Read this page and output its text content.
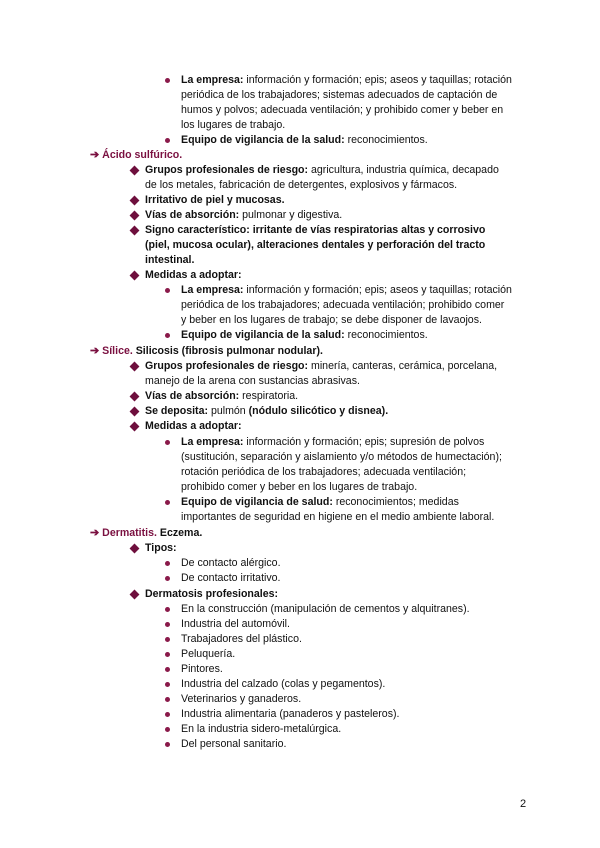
La empresa: información y formación; epis; aseos y taquillas; rotación
periódica de los trabajadores; sistemas adecuados de captación de
humos y polvos; adecuada ventilación; y prohibido comer y beber en
los lugares de trabajo.
Equipo de vigilancia de la salud: reconocimientos.
➔ Ácido sulfúrico.
Grupos profesionales de riesgo: agricultura, industria química, decapado
de los metales, fabricación de detergentes, explosivos y fármacos.
Irritativo de piel y mucosas.
Vías de absorción: pulmonar y digestiva.
Signo característico: irritante de vías respiratorias altas y corrosivo
(piel, mucosa ocular), alteraciones dentales y perforación del tracto
intestinal.
Medidas a adoptar:
La empresa: información y formación; epis; aseos y taquillas; rotación
periódica de los trabajadores; adecuada ventilación; prohibido comer
y beber en los lugares de trabajo; se debe disponer de lavaojos.
Equipo de vigilancia de la salud: reconocimientos.
➔ Sílice. Silicosis (fibrosis pulmonar nodular).
Grupos profesionales de riesgo: minería, canteras, cerámica, porcelana,
manejo de la arena con sustancias abrasivas.
Vías de absorción: respiratoria.
Se deposita: pulmón (nódulo silicótico y disnea).
Medidas a adoptar:
La empresa: información y formación; epis; supresión de polvos
(sustitución, separación y aislamiento y/o métodos de humectación);
rotación periódica de los trabajadores; adecuada ventilación;
prohibido comer y beber en los lugares de trabajo.
Equipo de vigilancia de salud: reconocimientos; medidas
importantes de seguridad en higiene en el medio ambiente laboral.
➔ Dermatitis. Eczema.
Tipos:
De contacto alérgico.
De contacto irritativo.
Dermatosis profesionales:
En la construcción (manipulación de cementos y alquitranes).
Industria del automóvil.
Trabajadores del plástico.
Peluquería.
Pintores.
Industria del calzado (colas y pegamentos).
Veterinarios y ganaderos.
Industria alimentaria (panaderos y pasteleros).
En la industria sidero-metalúrgica.
Del personal sanitario.
2
